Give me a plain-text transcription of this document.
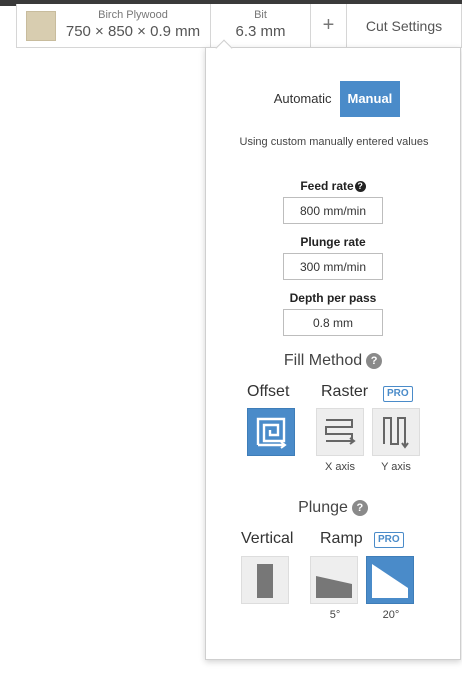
Birch Plywood
750 × 850 × 0.9 mm
Bit
6.3 mm	+	Cut Settings
Automatic	Manual
Using custom manually entered values
Feed rate ?
800 mm/min
Plunge rate
300 mm/min
Depth per pass
0.8 mm
Fill Method ?
Offset Raster	PRO
X axis	Y axis
Plunge ?
Vertical Ramp	PRO
5°	20°
